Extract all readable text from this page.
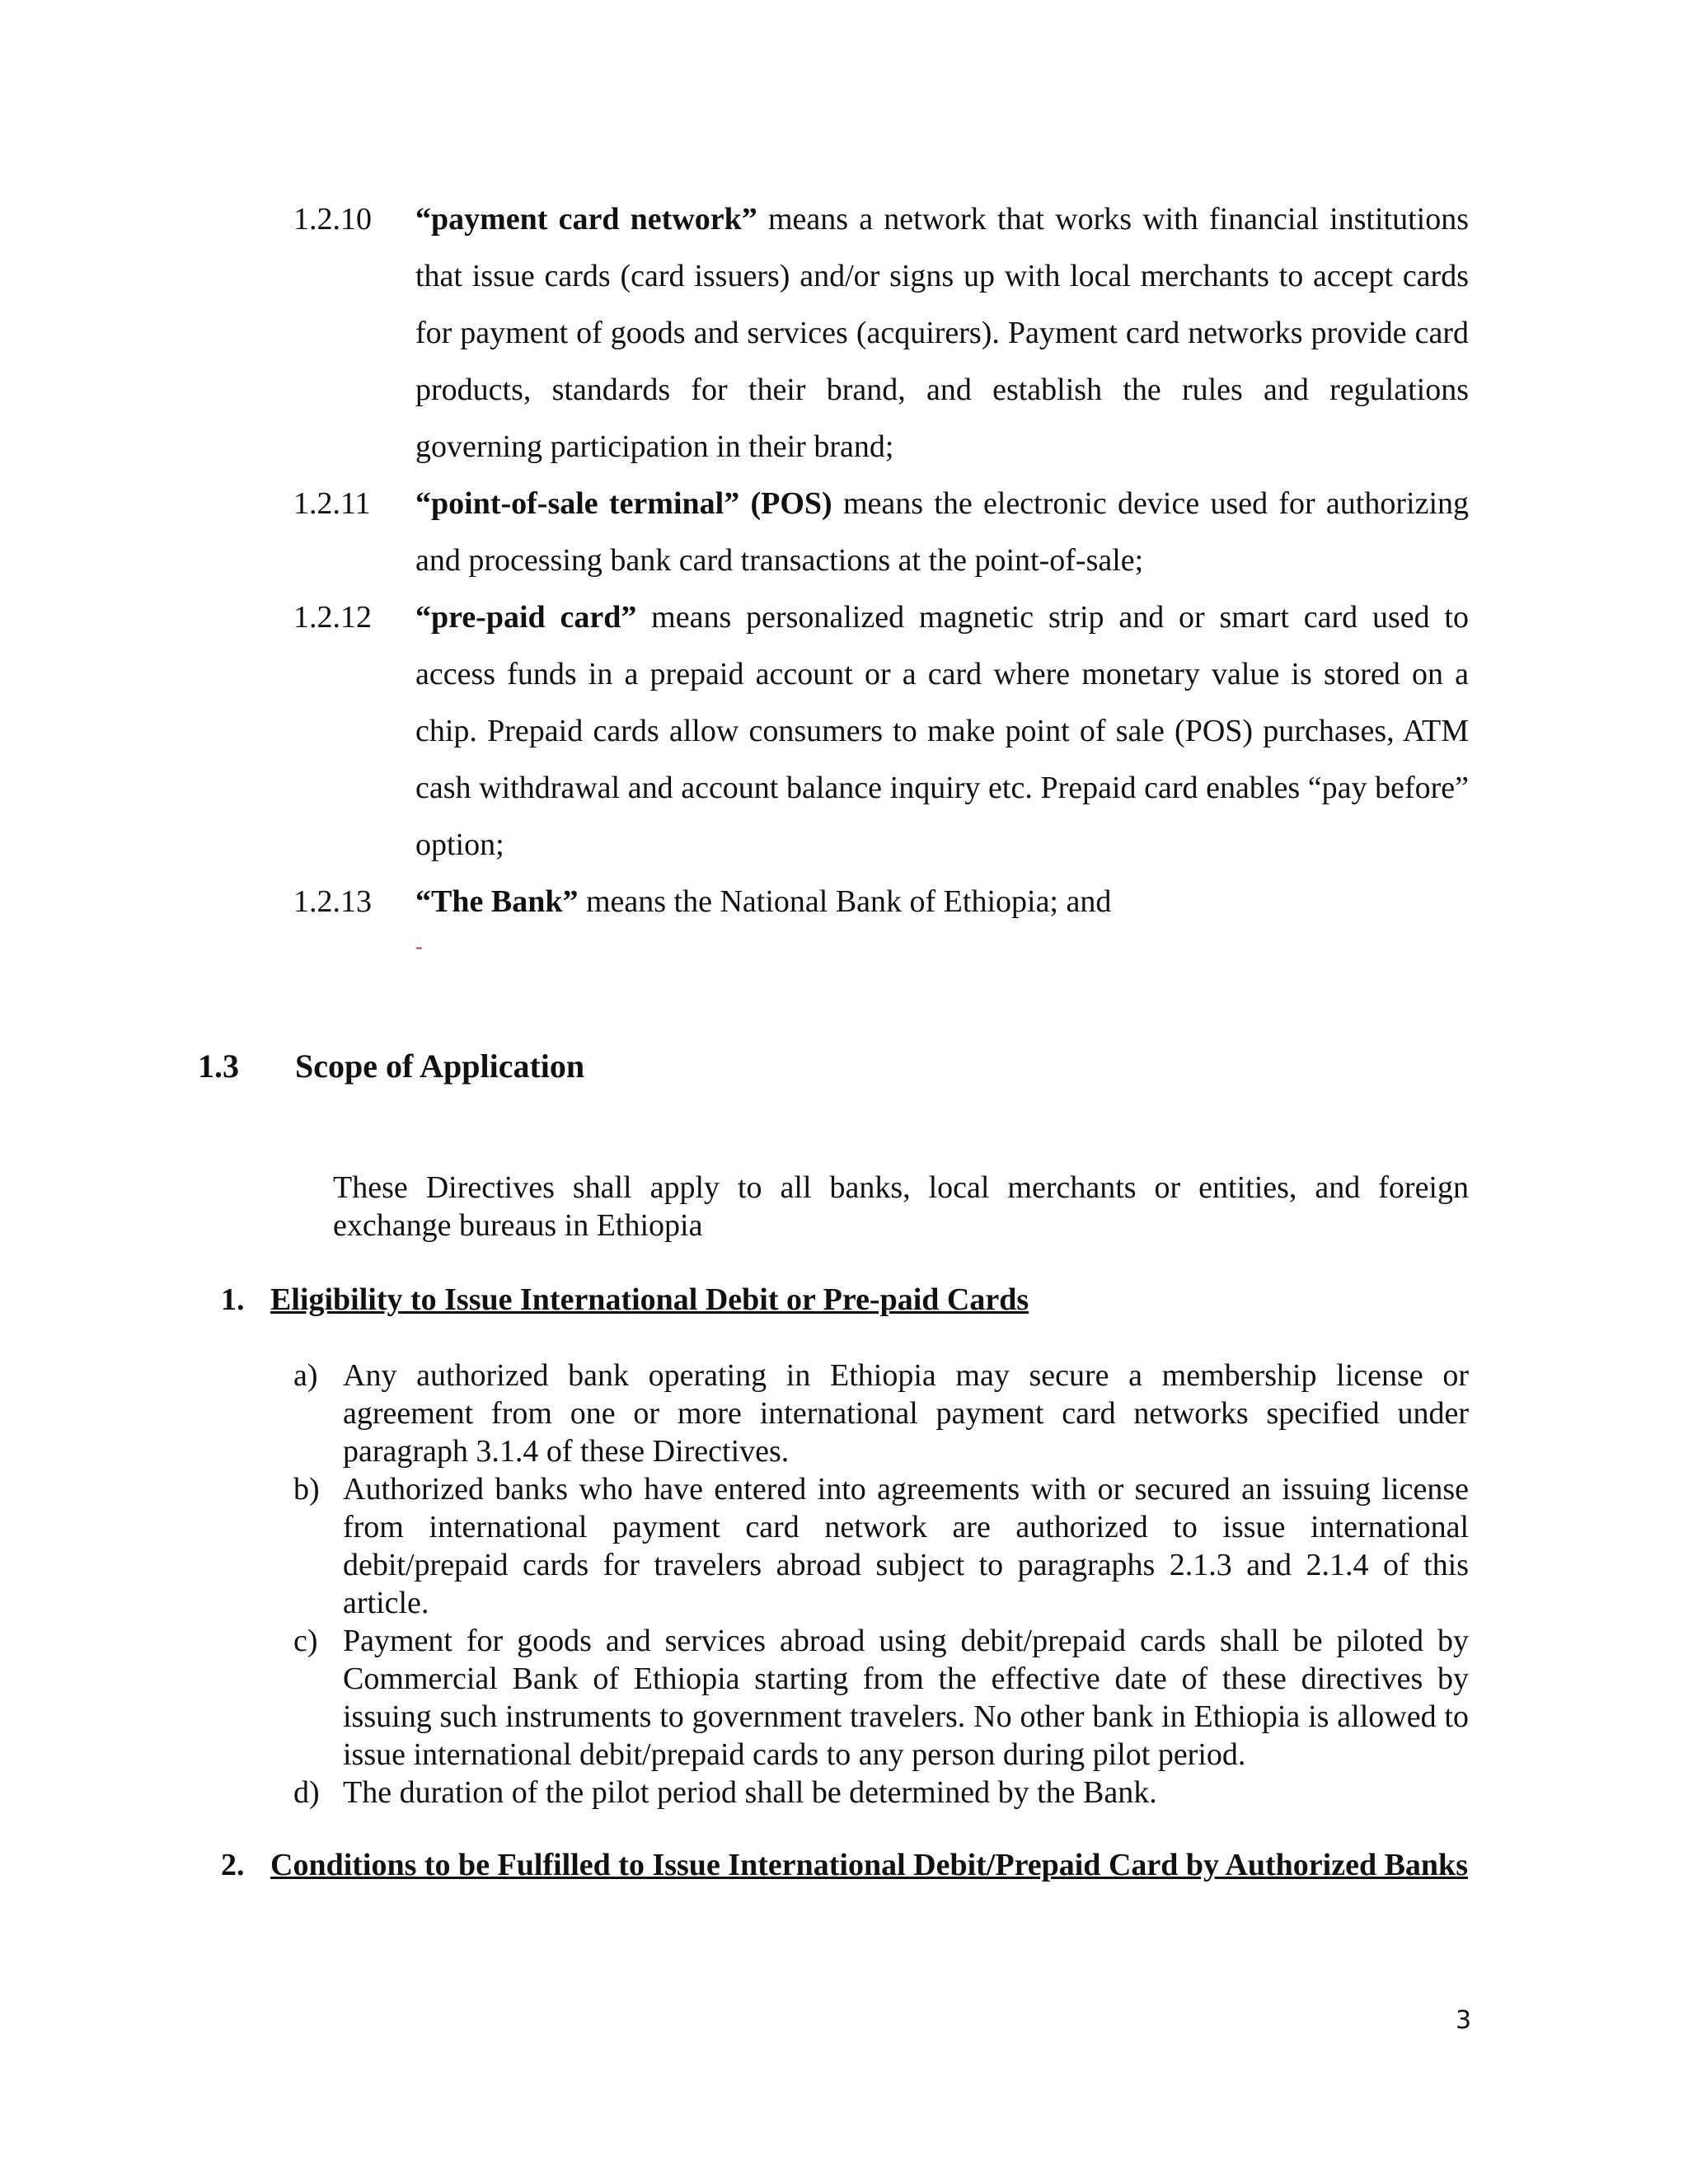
1.2.10	“payment card network” means a network that works with financial institutions that issue cards (card issuers) and/or signs up with local merchants to accept cards for payment of goods and services (acquirers). Payment card networks provide card products, standards for their brand, and establish the rules and regulations governing participation in their brand;
1.2.11	“point-of-sale terminal” (POS) means the electronic device used for authorizing and processing bank card transactions at the point-of-sale;
1.2.12	“pre-paid card” means personalized magnetic strip and or smart card used to access funds in a prepaid account or a card where monetary value is stored on a chip. Prepaid cards allow consumers to make point of sale (POS) purchases, ATM cash withdrawal and account balance inquiry etc. Prepaid card enables “pay before” option;
1.2.13	“The Bank” means the National Bank of Ethiopia; and
-
1.3	Scope of Application
These Directives shall apply to all banks, local merchants or entities, and foreign exchange bureaus in Ethiopia
1. Eligibility to Issue International Debit or Pre-paid Cards
a) Any authorized bank operating in Ethiopia may secure a membership license or agreement from one or more international payment card networks specified under paragraph 3.1.4 of these Directives.
b) Authorized banks who have entered into agreements with or secured an issuing license from international payment card network are authorized to issue international debit/prepaid cards for travelers abroad subject to paragraphs 2.1.3 and 2.1.4 of this article.
c) Payment for goods and services abroad using debit/prepaid cards shall be piloted by Commercial Bank of Ethiopia starting from the effective date of these directives by issuing such instruments to government travelers. No other bank in Ethiopia is allowed to issue international debit/prepaid cards to any person during pilot period.
d) The duration of the pilot period shall be determined by the Bank.
2. Conditions to be Fulfilled to Issue International Debit/Prepaid Card by Authorized Banks
3
